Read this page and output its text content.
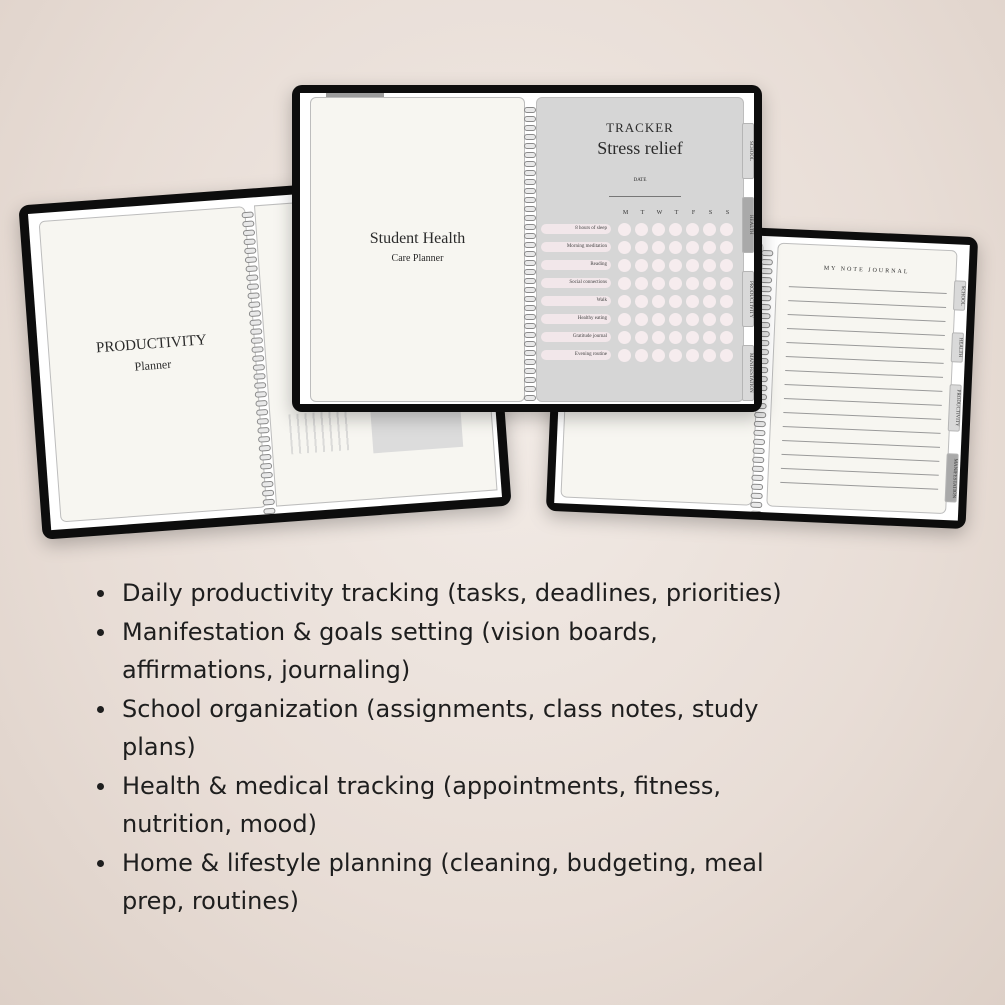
PRODUCTIVITY
Planner
MY NOTE JOURNAL
SCHOOL
HEALTH
PRODUCTIVITY
MANIFESTATION
Student Health
Care Planner
TRACKER
Stress relief
DATE
M	T	W	T	F	S	S
8 hours of sleep
Morning meditation
Reading
Social connections
Walk
Healthy eating
Gratitude journal
Evening routine
SCHOOL
HEALTH
PRODUCTIVITY
MANIFESTATION
Daily productivity tracking (tasks, deadlines, priorities)
Manifestation & goals setting (vision boards, affirmations, journaling)
School organization (assignments, class notes, study plans)
Health & medical tracking (appointments, fitness, nutrition, mood)
Home & lifestyle planning (cleaning, budgeting, meal prep, routines)
